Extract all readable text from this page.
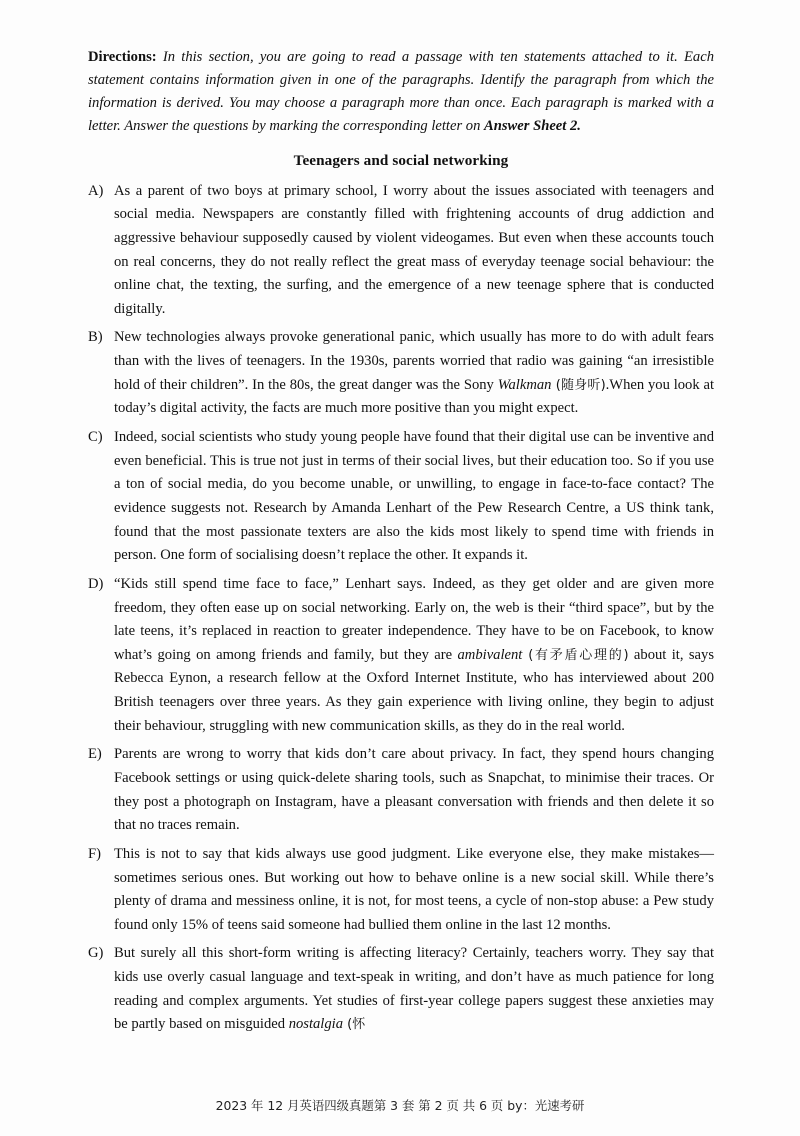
Directions: In this section, you are going to read a passage with ten statements attached to it. Each statement contains information given in one of the paragraphs. Identify the paragraph from which the information is derived. You may choose a paragraph more than once. Each paragraph is marked with a letter. Answer the questions by marking the corresponding letter on Answer Sheet 2.

Teenagers and social networking
A) As a parent of two boys at primary school, I worry about the issues associated with teenagers and social media. Newspapers are constantly filled with frightening accounts of drug addiction and aggressive behaviour supposedly caused by violent videogames. But even when these accounts touch on real concerns, they do not really reflect the great mass of everyday teenage social behaviour: the online chat, the texting, the surfing, and the emergence of a new teenage sphere that is conducted digitally.
B) New technologies always provoke generational panic, which usually has more to do with adult fears than with the lives of teenagers. In the 1930s, parents worried that radio was gaining “an irresistible hold of their children”. In the 80s, the great danger was the Sony Walkman (随身听).When you look at today’s digital activity, the facts are much more positive than you might expect.
C) Indeed, social scientists who study young people have found that their digital use can be inventive and even beneficial. This is true not just in terms of their social lives, but their education too. So if you use a ton of social media, do you become unable, or unwilling, to engage in face-to-face contact? The evidence suggests not. Research by Amanda Lenhart of the Pew Research Centre, a US think tank, found that the most passionate texters are also the kids most likely to spend time with friends in person. One form of socialising doesn’t replace the other. It expands it.
D) “Kids still spend time face to face,” Lenhart says. Indeed, as they get older and are given more freedom, they often ease up on social networking. Early on, the web is their “third space”, but by the late teens, it’s replaced in reaction to greater independence. They have to be on Facebook, to know what’s going on among friends and family, but they are ambivalent (有矛盾心理的) about it, says Rebecca Eynon, a research fellow at the Oxford Internet Institute, who has interviewed about 200 British teenagers over three years. As they gain experience with living online, they begin to adjust their behaviour, struggling with new communication skills, as they do in the real world.
E) Parents are wrong to worry that kids don’t care about privacy. In fact, they spend hours changing Facebook settings or using quick-delete sharing tools, such as Snapchat, to minimise their traces. Or they post a photograph on Instagram, have a pleasant conversation with friends and then delete it so that no traces remain.
F) This is not to say that kids always use good judgment. Like everyone else, they make mistakes—sometimes serious ones. But working out how to behave online is a new social skill. While there’s plenty of drama and messiness online, it is not, for most teens, a cycle of non-stop abuse: a Pew study found only 15% of teens said someone had bullied them online in the last 12 months.
G) But surely all this short-form writing is affecting literacy? Certainly, teachers worry. They say that kids use overly casual language and text-speak in writing, and don’t have as much patience for long reading and complex arguments. Yet studies of first-year college papers suggest these anxieties may be partly based on misguided nostalgia (怀
2023 年 12 月英语四级真题第 3 套 第 2 页 共 6 页 by：光速考研
